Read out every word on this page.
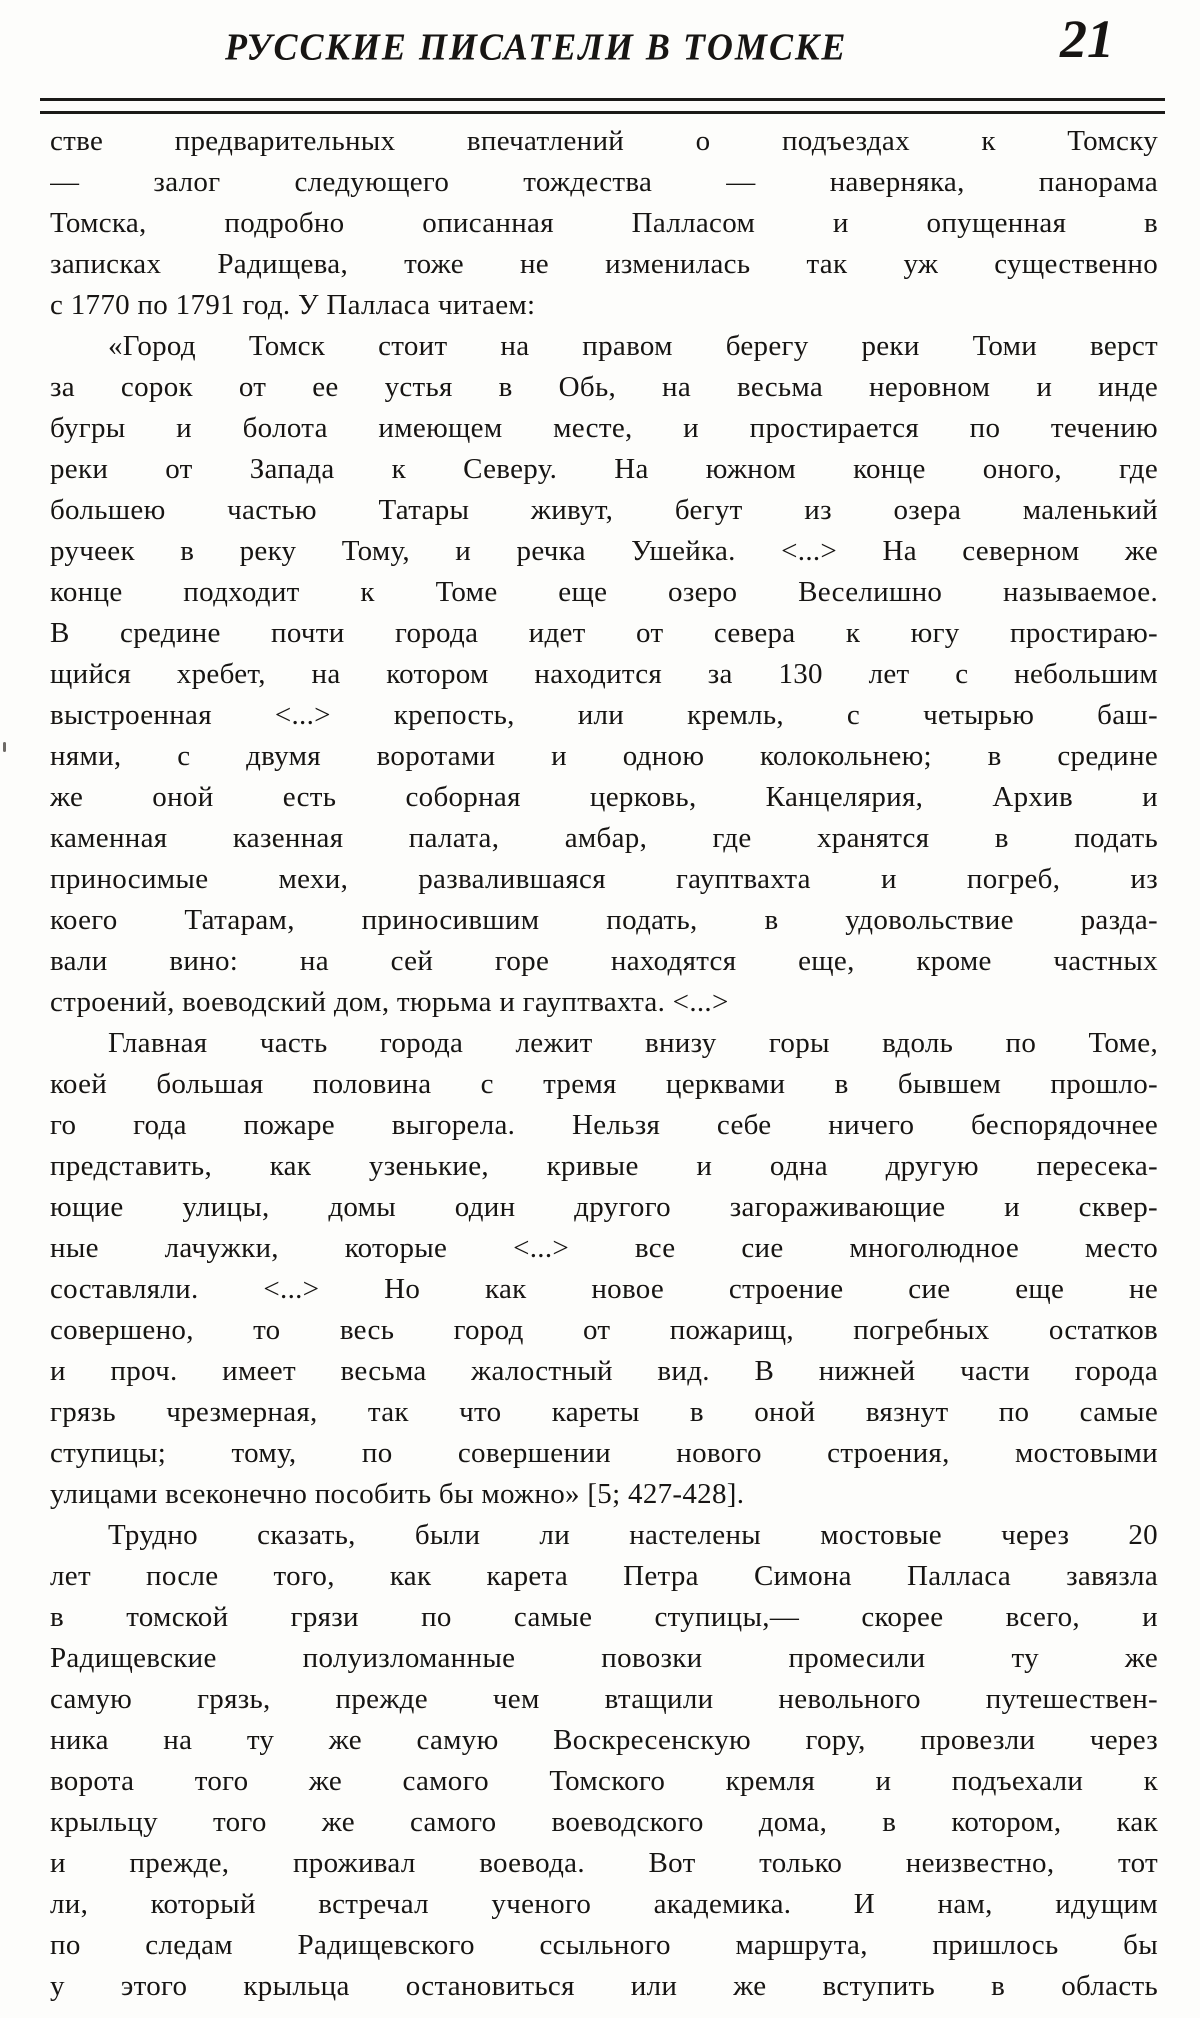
РУССКИЕ ПИСАТЕЛИ В ТОМСКЕ	21
стве предварительных впечатлений о подъездах к Томску
— залог следующего тождества — наверняка, панорама
Томска, подробно описанная Палласом и опущенная в
записках Радищева, тоже не изменилась так уж существенно
с 1770 по 1791 год. У Палласа читаем:
«Город Томск стоит на правом берегу реки Томи верст
за сорок от ее устья в Обь, на весьма неровном и инде
бугры и болота имеющем месте, и простирается по течению
реки от Запада к Северу. На южном конце оного, где
большею частью Татары живут, бегут из озера маленький
ручеек в реку Тому, и речка Ушейка. <...> На северном же
конце подходит к Томе еще озеро Веселишно называемое.
В средине почти города идет от севера к югу простираю-
щийся хребет, на котором находится за 130 лет с небольшим
выстроенная <...> крепость, или кремль, с четырью баш-
нями, с двумя воротами и одною колокольнею; в средине
же оной есть соборная церковь, Канцелярия, Архив и
каменная казенная палата, амбар, где хранятся в подать
приносимые мехи, развалившаяся гауптвахта и погреб, из
коего Татарам, приносившим подать, в удовольствие разда-
вали вино: на сей горе находятся еще, кроме частных
строений, воеводский дом, тюрьма и гауптвахта. <...>
Главная часть города лежит внизу горы вдоль по Томе,
коей большая половина с тремя церквами в бывшем прошло-
го года пожаре выгорела. Нельзя себе ничего беспорядочнее
представить, как узенькие, кривые и одна другую пересека-
ющие улицы, домы один другого загораживающие и сквер-
ные лачужки, которые <...> все сие многолюдное место
составляли. <...> Но как новое строение сие еще не
совершено, то весь город от пожарищ, погребных остатков
и проч. имеет весьма жалостный вид. В нижней части города
грязь чрезмерная, так что кареты в оной вязнут по самые
ступицы; тому, по совершении нового строения, мостовыми
улицами всеконечно пособить бы можно» [5; 427-428].
Трудно сказать, были ли настелены мостовые через 20
лет после того, как карета Петра Симона Палласа завязла
в томской грязи по самые ступицы,— скорее всего, и
Радищевские полуизломанные повозки промесили ту же
самую грязь, прежде чем втащили невольного путешествен-
ника на ту же самую Воскресенскую гору, провезли через
ворота того же самого Томского кремля и подъехали к
крыльцу того же самого воеводского дома, в котором, как
и прежде, проживал воевода. Вот только неизвестно, тот
ли, который встречал ученого академика. И нам, идущим
по следам Радищевского ссыльного маршрута, пришлось бы
у этого крыльца остановиться или же вступить в область
